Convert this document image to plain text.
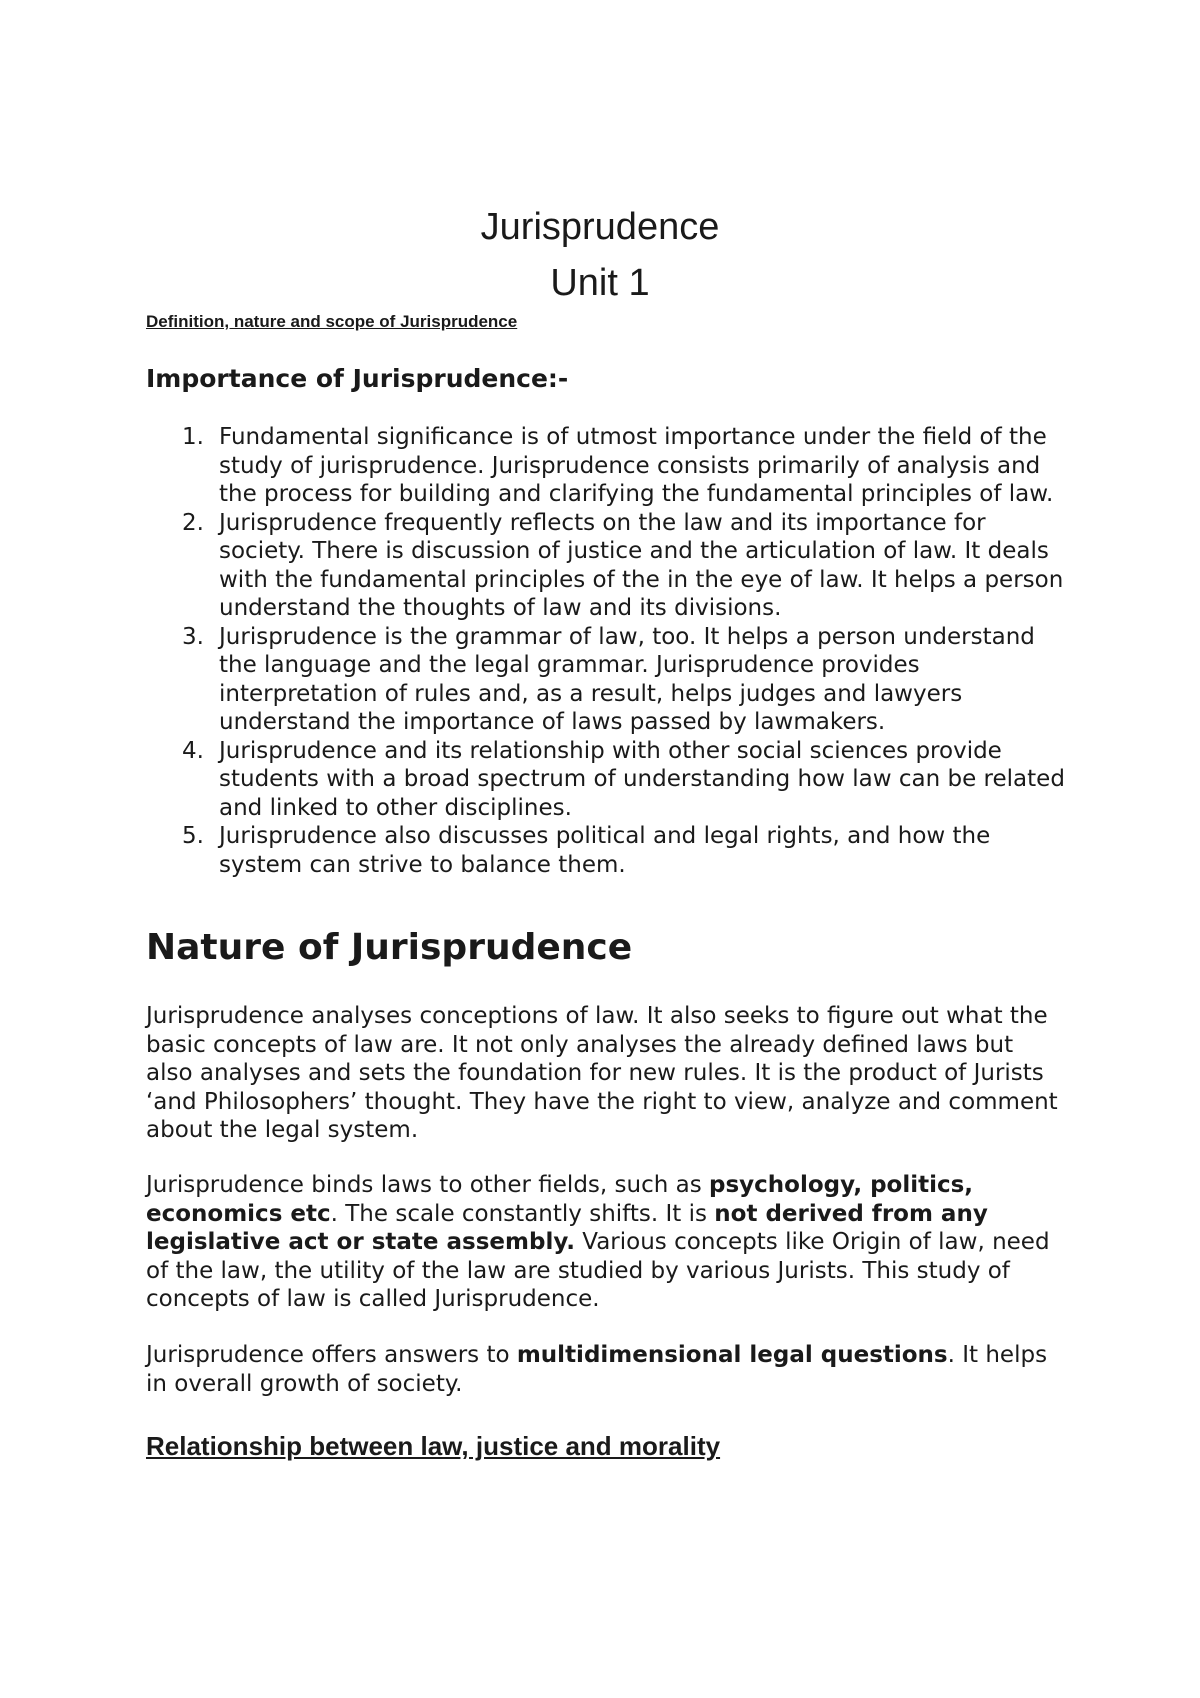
Jurisprudence
Unit 1

Definition, nature and scope of Jurisprudence

Importance of Jurisprudence:-
1. Fundamental significance is of utmost importance under the field of the study of jurisprudence. Jurisprudence consists primarily of analysis and the process for building and clarifying the fundamental principles of law.
2. Jurisprudence frequently reflects on the law and its importance for society. There is discussion of justice and the articulation of law. It deals with the fundamental principles of the in the eye of law. It helps a person understand the thoughts of law and its divisions.
3. Jurisprudence is the grammar of law, too. It helps a person understand the language and the legal grammar. Jurisprudence provides interpretation of rules and, as a result, helps judges and lawyers understand the importance of laws passed by lawmakers.
4. Jurisprudence and its relationship with other social sciences provide students with a broad spectrum of understanding how law can be related and linked to other disciplines.
5. Jurisprudence also discusses political and legal rights, and how the system can strive to balance them.
Nature of Jurisprudence

Jurisprudence analyses conceptions of law. It also seeks to figure out what the basic concepts of law are. It not only analyses the already defined laws but also analyses and sets the foundation for new rules. It is the product of Jurists ‘and Philosophers’ thought. They have the right to view, analyze and comment about the legal system.

Jurisprudence binds laws to other fields, such as psychology, politics, economics etc. The scale constantly shifts. It is not derived from any legislative act or state assembly. Various concepts like Origin of law, need of the law, the utility of the law are studied by various Jurists. This study of concepts of law is called Jurisprudence.

Jurisprudence offers answers to multidimensional legal questions. It helps in overall growth of society.

Relationship between law, justice and morality
